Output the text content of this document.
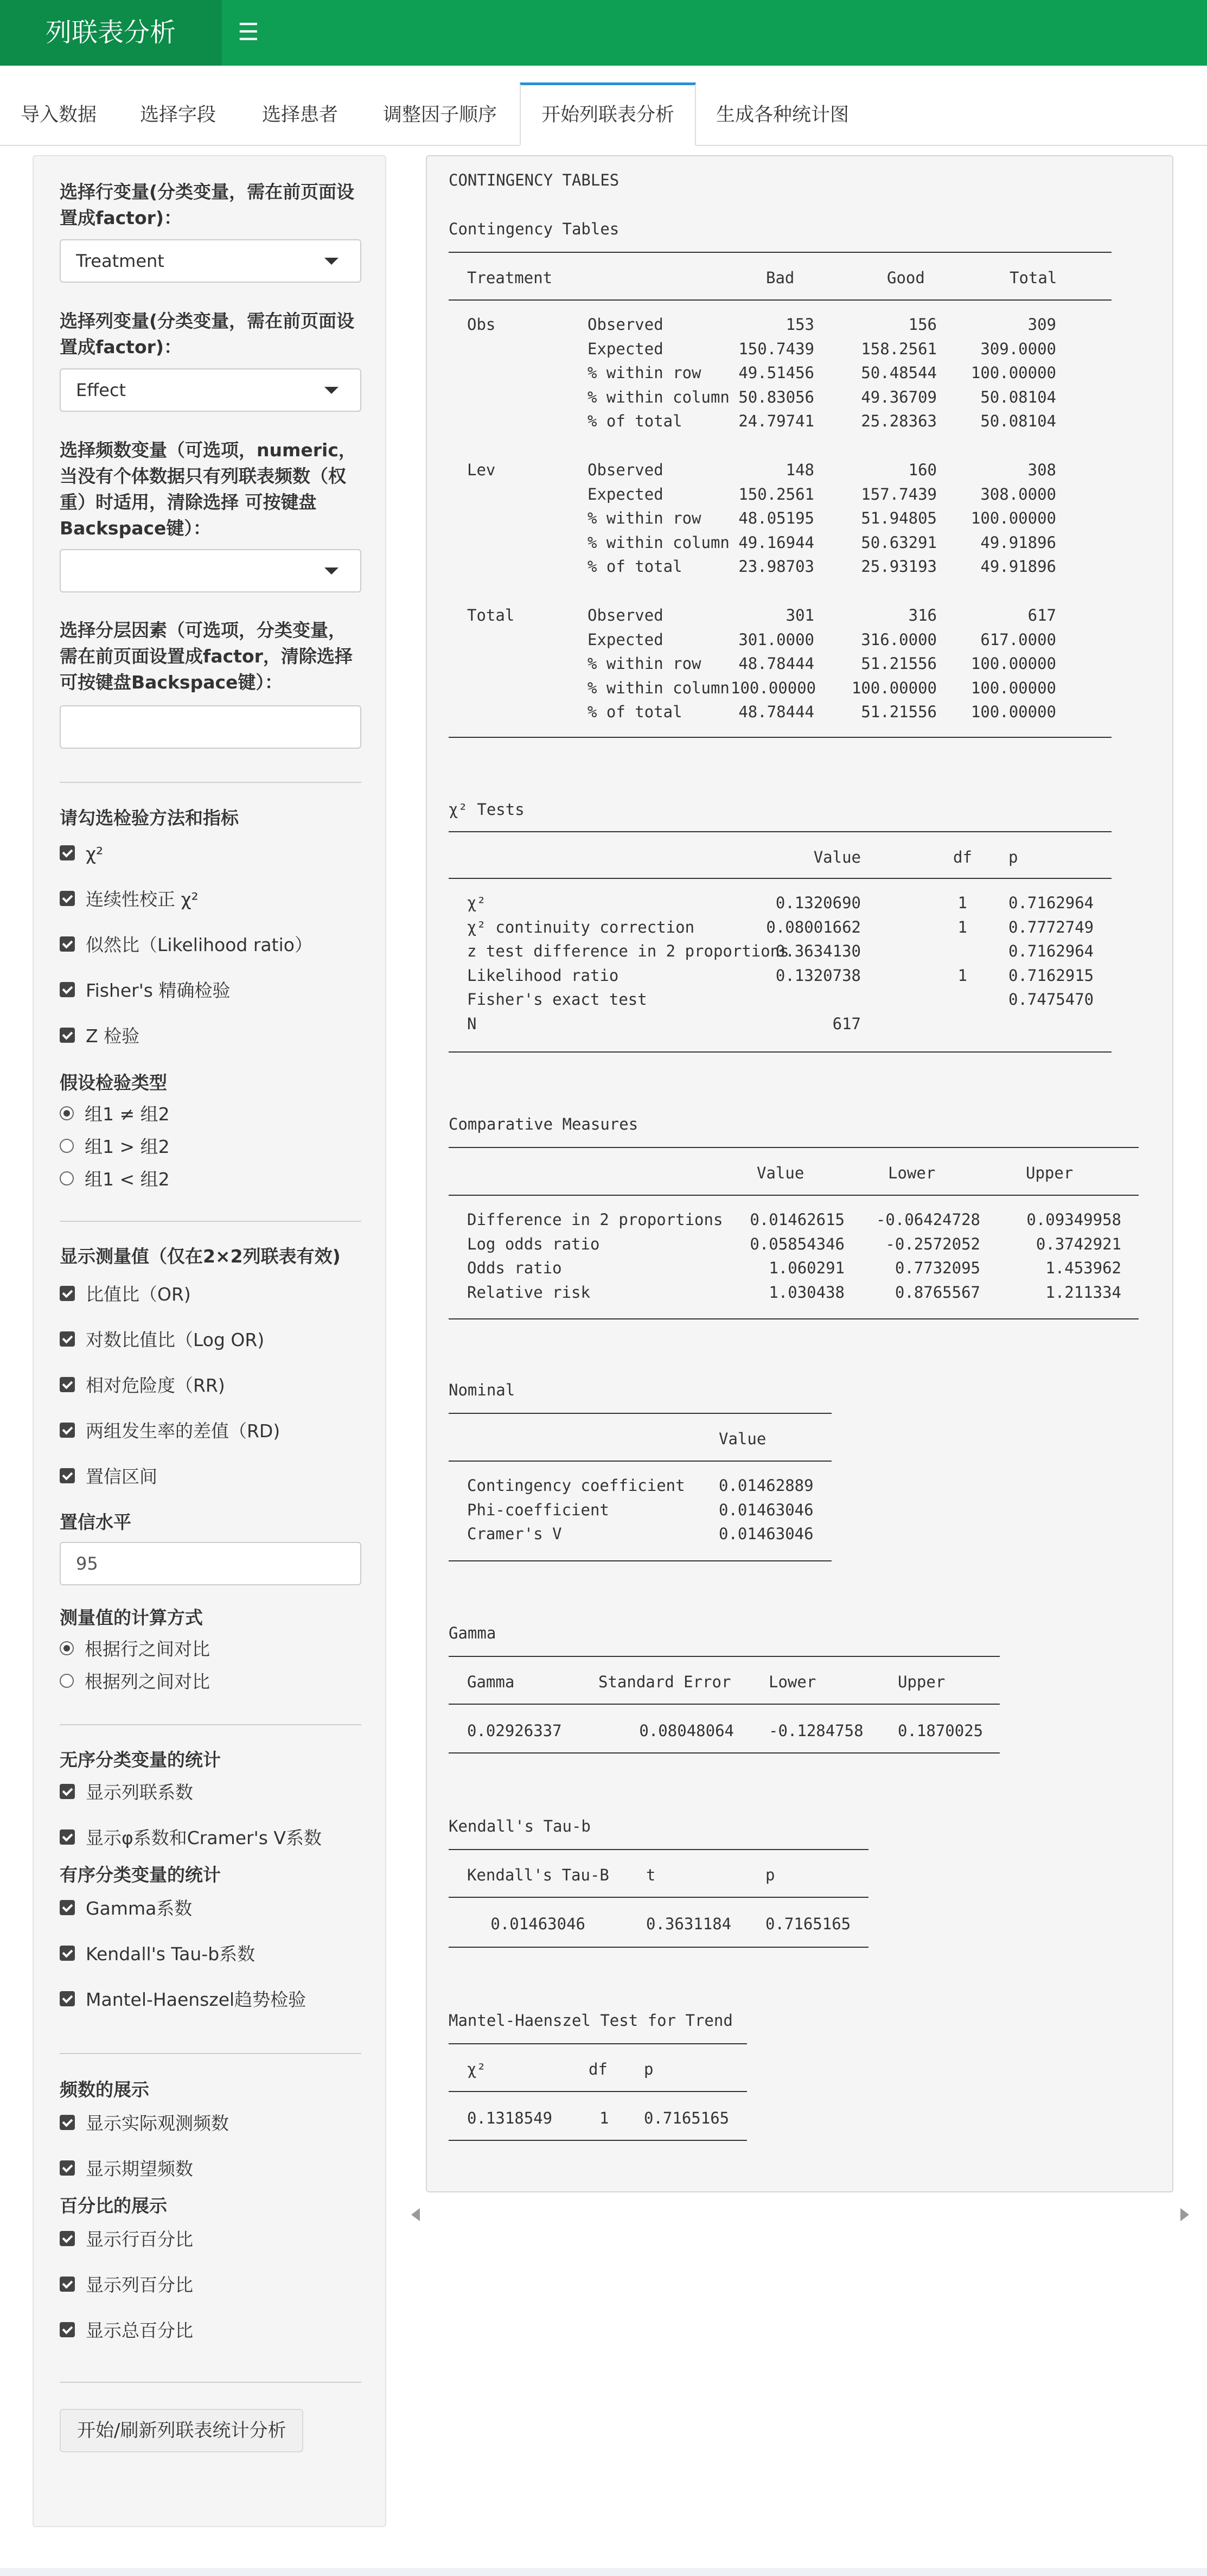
列联表分析	☰
导入数据	选择字段	选择患者	调整因子顺序	开始列联表分析	生成各种统计图
选择行变量(分类变量，需在前页面设置成factor)：
Treatment
选择列变量(分类变量，需在前页面设置成factor)：
Effect
选择频数变量（可选项，numeric，当没有个体数据只有列联表频数（权重）时适用，清除选择 可按键盘Backspace键）：
选择分层因素（可选项，分类变量，需在前页面设置成factor，清除选择可按键盘Backspace键）：
请勾选检验方法和指标
χ²
连续性校正 χ²
似然比（Likelihood ratio）
Fisher's 精确检验
Z 检验
假设检验类型
组1 ≠ 组2
组1 > 组2
组1 < 组2
显示测量值（仅在2×2列联表有效)
比值比（OR)
对数比值比（Log OR)
相对危险度（RR)
两组发生率的差值（RD)
置信区间
置信水平
95
测量值的计算方式
根据行之间对比
根据列之间对比
无序分类变量的统计
显示列联系数
显示φ系数和Cramer's V系数
有序分类变量的统计
Gamma系数
Kendall's Tau-b系数
Mantel-Haenszel趋势检验
频数的展示
显示实际观测频数
显示期望频数
百分比的展示
显示行百分比
显示列百分比
显示总百分比
开始/刷新列联表统计分析
CONTINGENCY TABLES
Contingency Tables
Treatment	Bad	Good	Total
Obs	Observed	153	156	309
Expected	150.7439	158.2561	309.0000
% within row	49.51456	50.48544	100.00000
% within column 50.83056	49.36709	50.08104
% of total	24.79741	25.28363	50.08104
Lev	Observed	148	160	308
Expected	150.2561	157.7439	308.0000
% within row	48.05195	51.94805	100.00000
% within column 49.16944	50.63291	49.91896
% of total	23.98703	25.93193	49.91896
Total	Observed	301	316	617
Expected	301.0000	316.0000	617.0000
% within row	48.78444	51.21556	100.00000
% within column 100.00000	100.00000	100.00000
% of total	48.78444	51.21556	100.00000
χ² Tests
Value	df p
χ²	0.1320690	1	0.7162964
χ² continuity correction	0.08001662	1	0.7772749
z test difference in 2 proportions
0.3634130	0.7162964
Likelihood ratio	0.1320738	1	0.7162915
Fisher's exact test	0.7475470
N	617
Comparative Measures
Value	Lower	Upper
Difference in 2 proportions 0.01462615 -0.06424728	0.09349958
Log odds ratio	0.05854346	-0.2572052	0.3742921
Odds ratio	1.060291	0.7732095	1.453962
Relative risk	1.030438	0.8765567	1.211334
Nominal
Value
Contingency coefficient 0.01462889
Phi-coefficient	0.01463046
Cramer's V	0.01463046
Gamma
Gamma	Standard Error Lower	Upper
0.02926337	0.08048064 -0.1284758 0.1870025
Kendall's Tau-b
Kendall's Tau-B t	p
0.01463046	0.3631184 0.7165165
Mantel-Haenszel Test for Trend
χ²	df p
0.1318549	1 0.7165165
